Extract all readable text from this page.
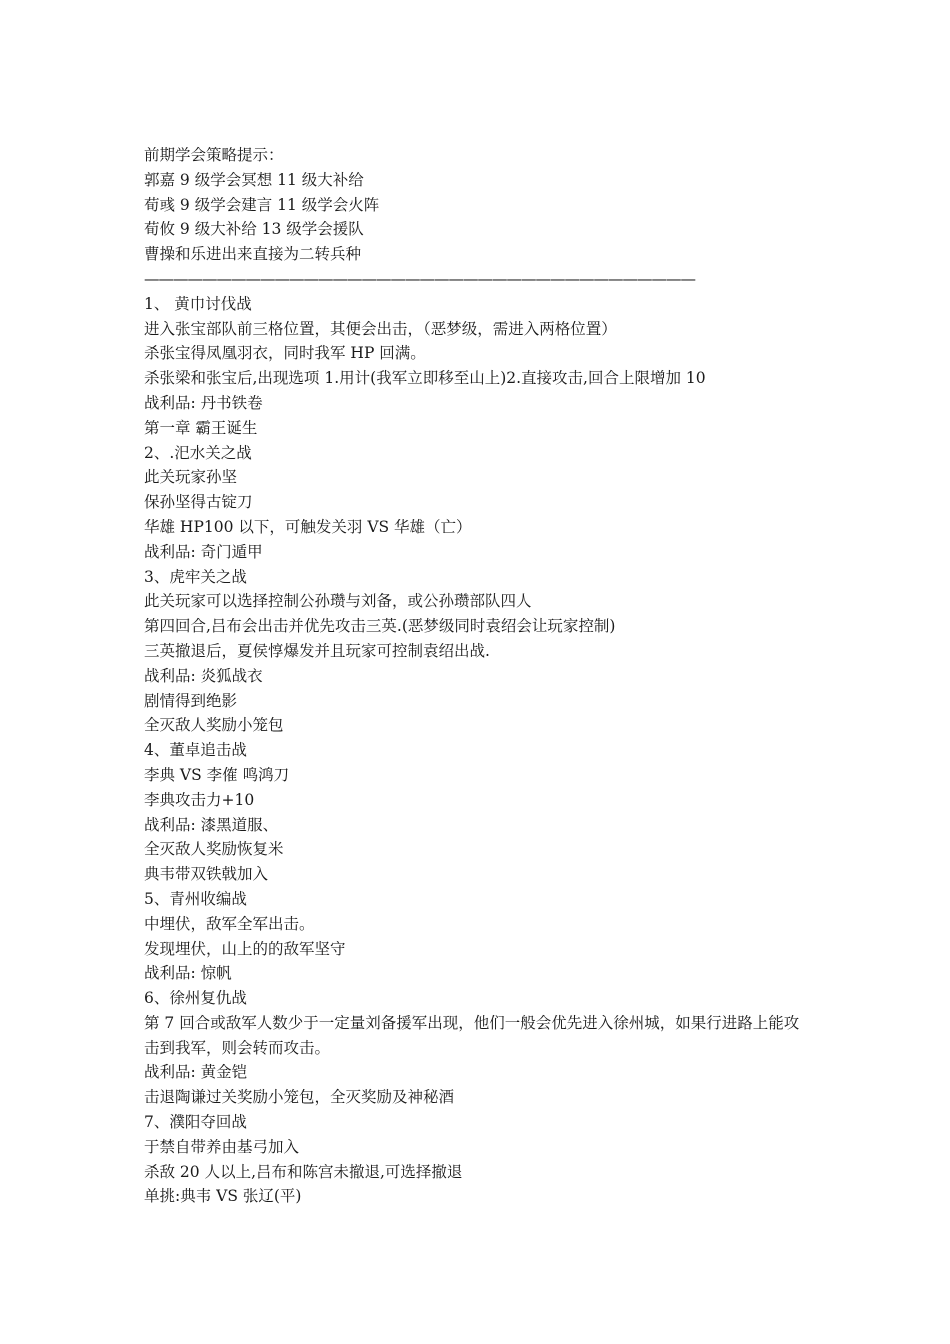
前期学会策略提示：
郭嘉 9 级学会冥想 11 级大补给
荀彧 9 级学会建言 11 级学会火阵
荀攸 9 级大补给 13 级学会援队
曹操和乐进出来直接为二转兵种
——————————————————————————————————————
1、 黄巾讨伐战
进入张宝部队前三格位置，其便会出击，（恶梦级，需进入两格位置）
杀张宝得凤凰羽衣，同时我军 HP 回满。
杀张梁和张宝后,出现选项 1.用计(我军立即移至山上)2.直接攻击,回合上限增加 10
战利品: 丹书铁卷
第一章 霸王诞生
2、.汜水关之战
此关玩家孙坚
保孙坚得古锭刀
华雄 HP100 以下，可触发关羽 VS 华雄（亡）
战利品: 奇门遁甲
3、虎牢关之战
此关玩家可以选择控制公孙瓒与刘备，或公孙瓒部队四人
第四回合,吕布会出击并优先攻击三英.(恶梦级同时袁绍会让玩家控制)
三英撤退后，夏侯惇爆发并且玩家可控制袁绍出战.
战利品: 炎狐战衣
剧情得到绝影
全灭敌人奖励小笼包
4、董卓追击战
李典 VS 李傕 鸣鸿刀
李典攻击力+10
战利品: 漆黑道服、
全灭敌人奖励恢复米
典韦带双铁戟加入
5、青州收编战
中埋伏，敌军全军出击。
发现埋伏，山上的的敌军坚守
战利品: 惊帆
6、徐州复仇战
第 7 回合或敌军人数少于一定量刘备援军出现，他们一般会优先进入徐州城，如果行进路上能攻击到我军，则会转而攻击。
战利品: 黄金铠
击退陶谦过关奖励小笼包，全灭奖励及神秘酒
7、濮阳夺回战
于禁自带养由基弓加入
杀敌 20 人以上,吕布和陈宫未撤退,可选择撤退
单挑:典韦 VS 张辽(平)
